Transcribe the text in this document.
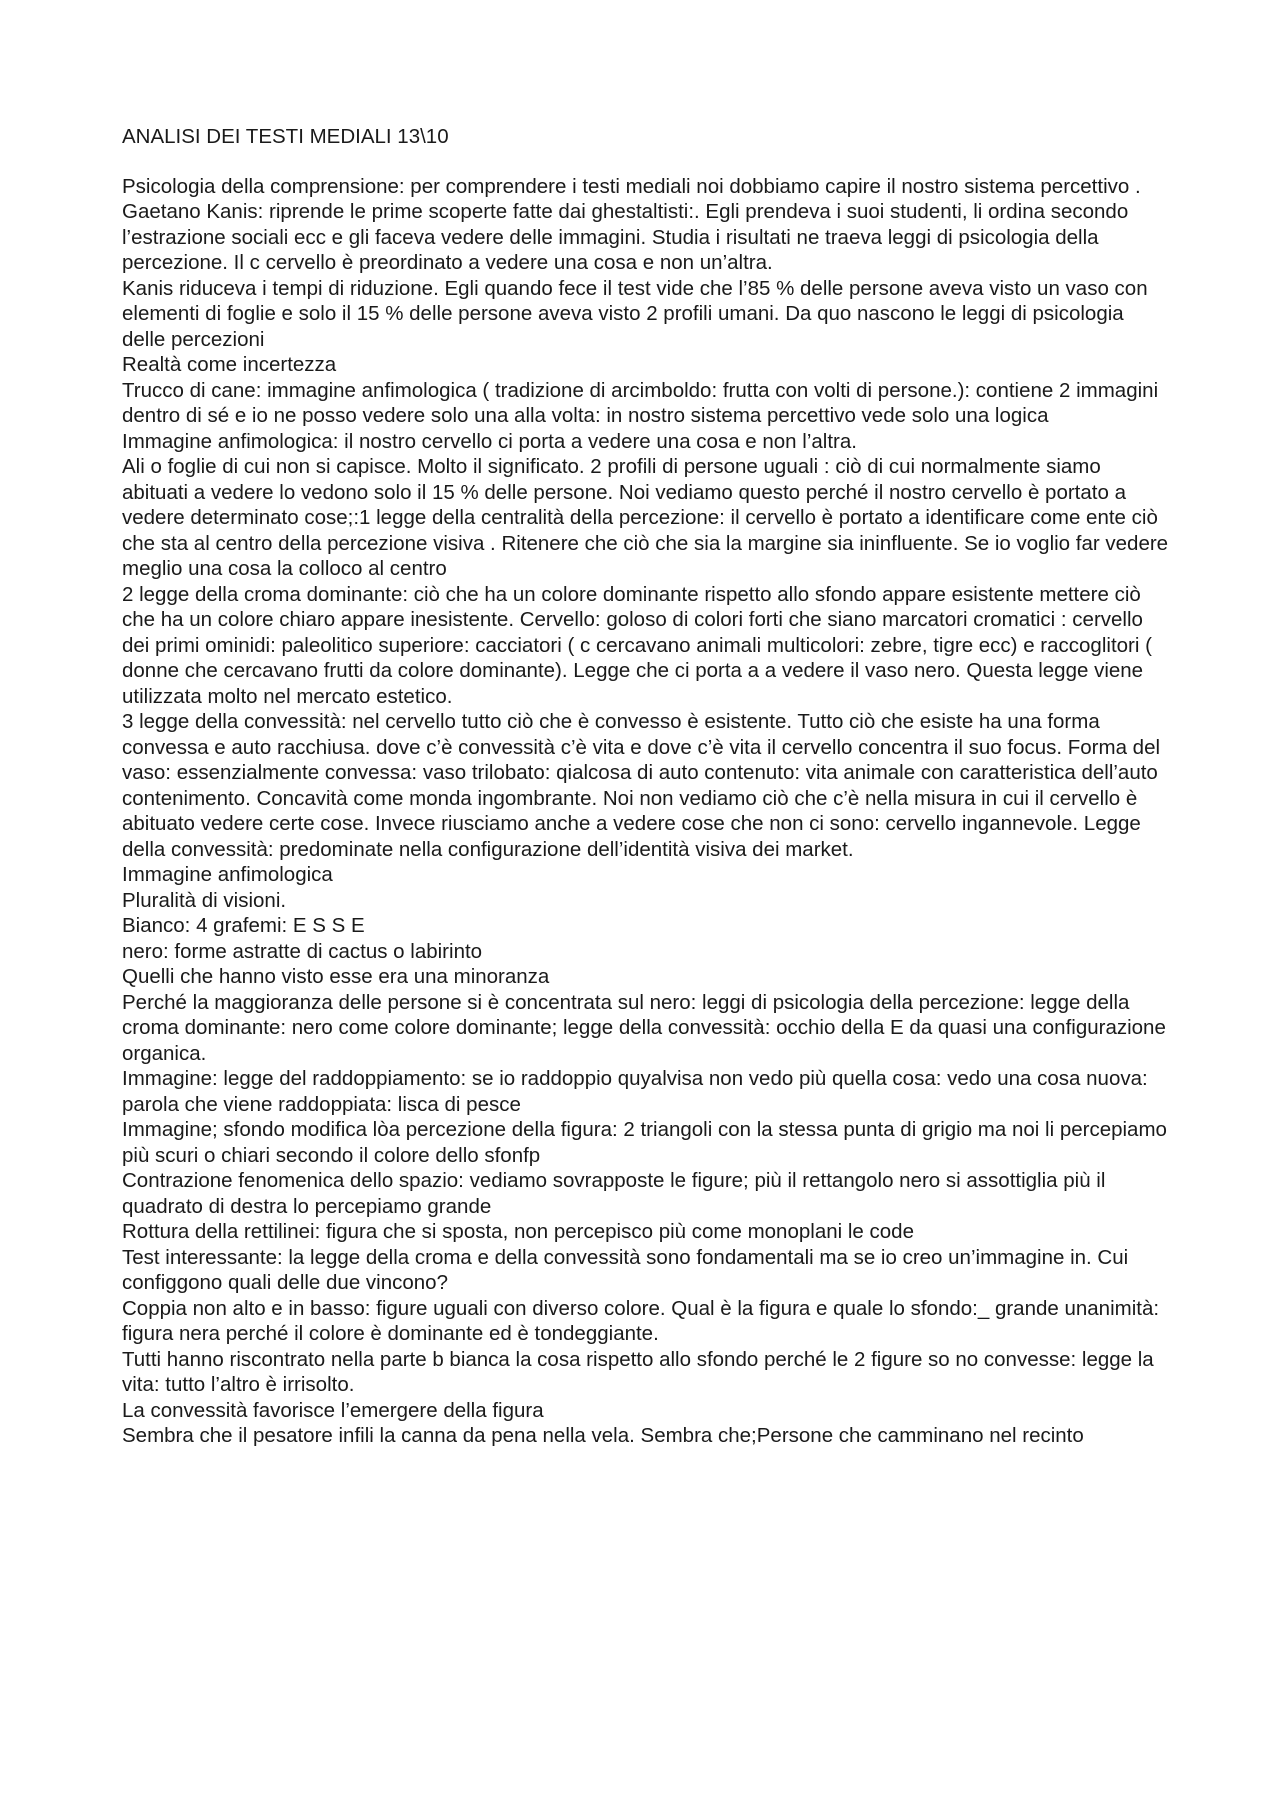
ANALISI DEI TESTI MEDIALI 13\10

Psicologia della comprensione: per comprendere i testi mediali noi dobbiamo capire il nostro sistema percettivo .

Gaetano Kanis: riprende le prime scoperte fatte dai ghestaltisti:. Egli prendeva i suoi studenti, li ordina secondo l’estrazione sociali ecc e gli faceva vedere delle immagini. Studia i risultati ne traeva leggi di psicologia della percezione. Il c cervello è preordinato a vedere una cosa e non un’altra.

Kanis riduceva i tempi di riduzione. Egli quando fece il test vide che l’85 % delle persone aveva visto un vaso con elementi di foglie e solo il 15 % delle persone aveva visto 2 profili umani. Da quo nascono le leggi di psicologia delle percezioni

Realtà come incertezza

Trucco di cane: immagine anfimologica ( tradizione di arcimboldo: frutta con volti di persone.): contiene 2 immagini dentro di sé e io ne posso vedere solo una alla volta: in nostro sistema percettivo vede solo una logica

Immagine anfimologica: il nostro cervello ci porta a vedere una cosa e non l’altra.

Ali o foglie di cui non si capisce. Molto il significato. 2 profili di persone uguali : ciò di cui normalmente siamo abituati a vedere lo vedono solo il 15 % delle persone. Noi vediamo questo perché il nostro cervello è portato a vedere determinato cose;:1 legge della centralità della percezione: il cervello è portato a identificare come ente ciò che sta al centro della percezione visiva . Ritenere che ciò che sia la margine sia ininfluente. Se io voglio far vedere meglio una cosa la colloco al centro

2 legge della croma dominante: ciò che ha un colore dominante rispetto allo sfondo appare esistente mettere ciò che ha un colore chiaro appare inesistente. Cervello: goloso di colori forti che siano marcatori cromatici : cervello dei primi ominidi: paleolitico superiore: cacciatori ( c cercavano animali multicolori: zebre, tigre ecc) e raccoglitori ( donne che cercavano frutti da colore dominante). Legge che ci porta a a vedere il vaso nero. Questa legge viene utilizzata molto nel mercato estetico.

3 legge della convessità: nel cervello tutto ciò che è convesso è esistente. Tutto ciò che esiste ha una forma convessa e auto racchiusa. dove c’è convessità c’è vita e dove c’è vita il cervello concentra il suo focus. Forma del vaso: essenzialmente convessa: vaso trilobato: qialcosa di auto contenuto: vita animale con caratteristica dell’auto contenimento. Concavità come monda ingombrante. Noi non vediamo ciò che c’è nella misura in cui il cervello è abituato vedere certe cose. Invece riusciamo anche a vedere cose che non ci sono: cervello ingannevole. Legge della convessità: predominate nella configurazione dell’identità visiva dei market.

Immagine anfimologica

Pluralità di visioni.

Bianco: 4 grafemi: E S S E

nero: forme astratte di cactus o labirinto

Quelli che hanno visto esse era una minoranza

Perché la maggioranza delle persone si è concentrata sul nero: leggi di psicologia della percezione: legge della croma dominante: nero come colore dominante; legge della convessità: occhio della E da quasi una configurazione organica.

Immagine: legge del raddoppiamento: se io raddoppio quyalvisa non vedo più quella cosa: vedo una cosa nuova: parola che viene raddoppiata: lisca di pesce

Immagine; sfondo modifica lòa percezione della figura: 2 triangoli con la stessa punta di grigio ma noi li percepiamo più scuri o chiari secondo il colore dello sfonfp

Contrazione fenomenica dello spazio: vediamo sovrapposte le figure; più il rettangolo nero si assottiglia più il quadrato di destra lo percepiamo grande

Rottura della rettilinei: figura che si sposta, non percepisco più come monoplani le code

Test interessante: la legge della croma e della convessità sono fondamentali ma se io creo un’immagine in. Cui configgono quali delle due vincono?

Coppia non alto e in basso: figure uguali con diverso colore. Qual è la figura e quale lo sfondo:_ grande unanimità: figura nera perché il colore è dominante ed è tondeggiante.

Tutti hanno riscontrato nella parte b bianca la cosa rispetto allo sfondo perché le 2 figure so no convesse: legge la vita: tutto l’altro è irrisolto.

La convessità favorisce l’emergere della figura

Sembra che il pesatore infili la canna da pena nella vela. Sembra che;Persone che camminano nel recinto
